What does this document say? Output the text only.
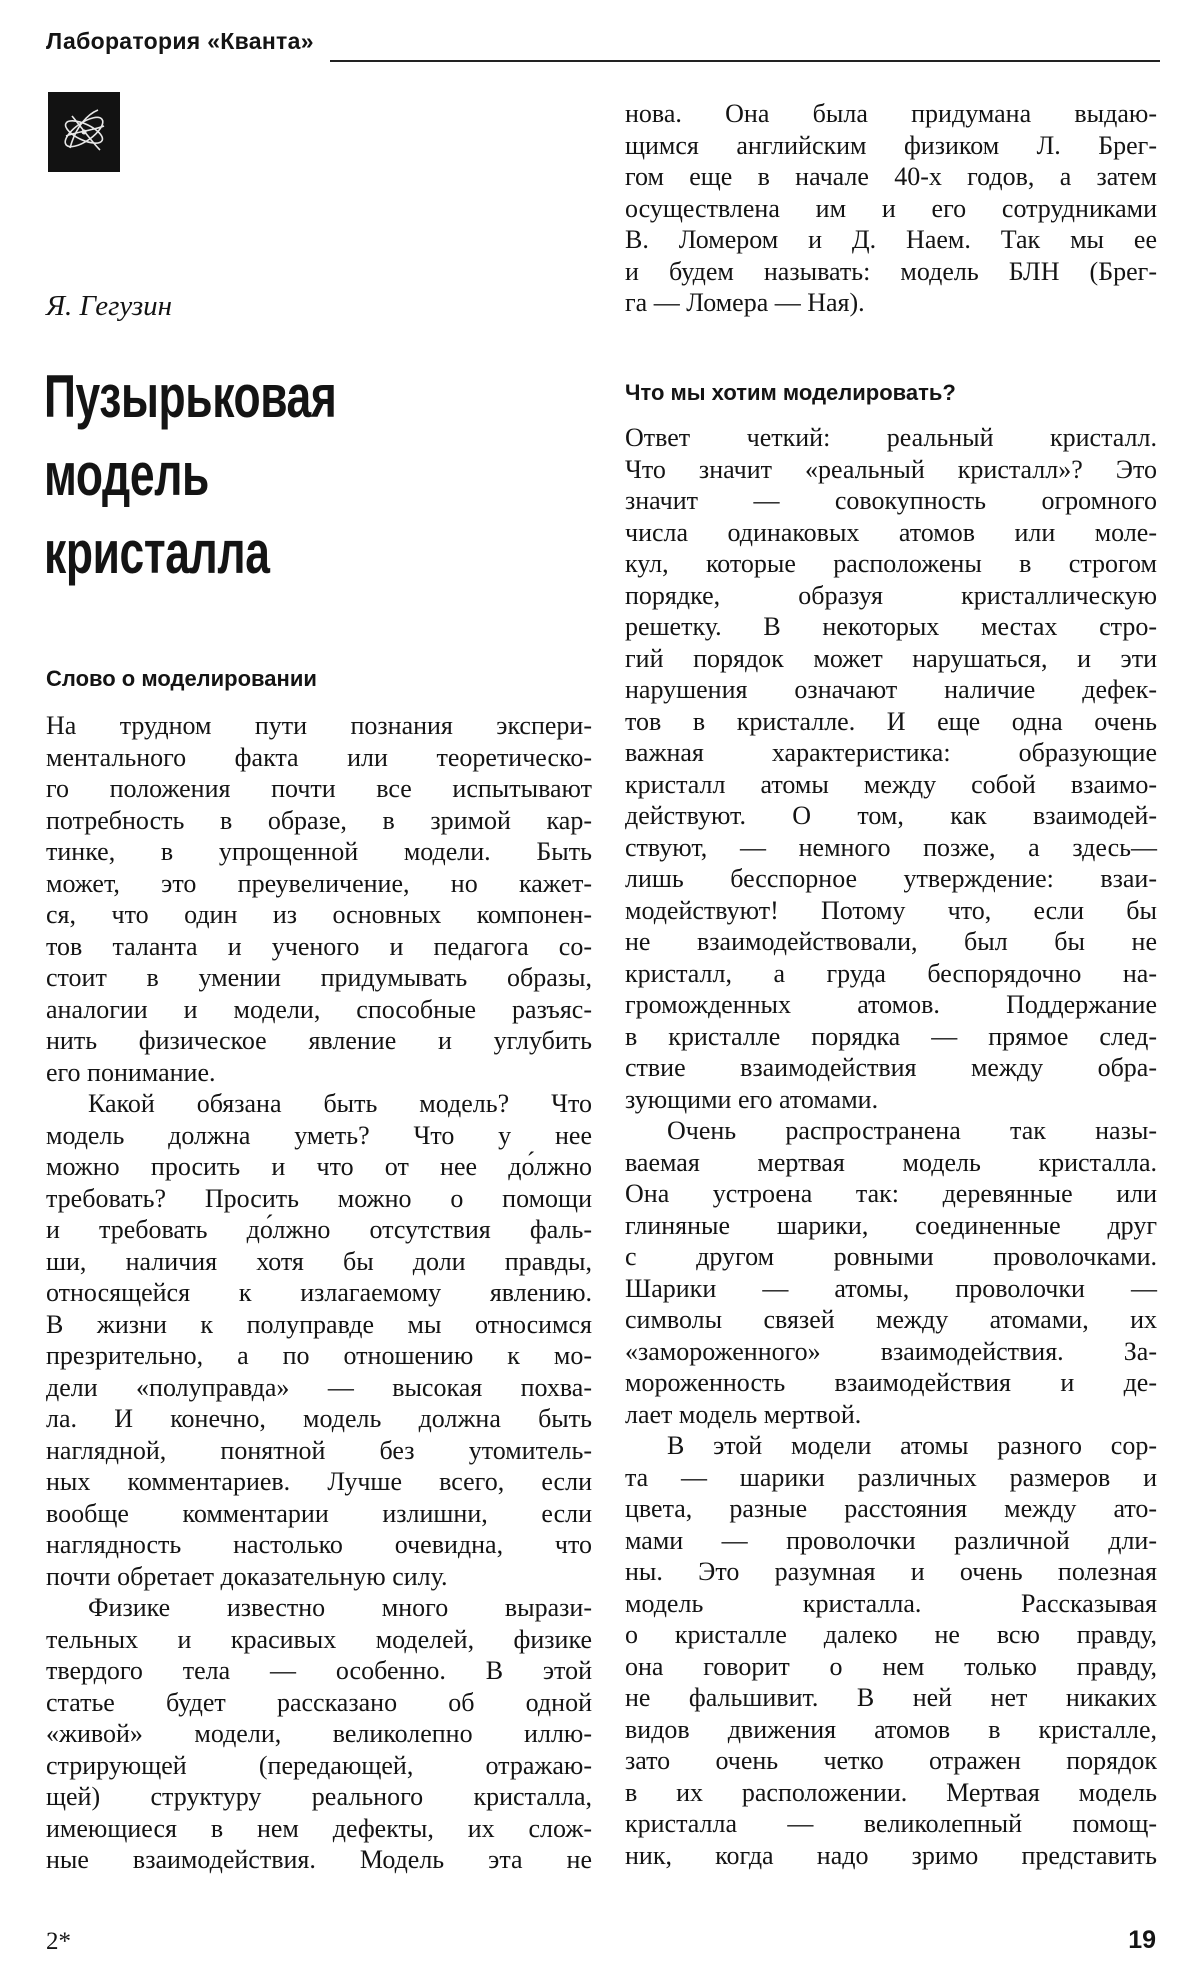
Лаборатория «Кванта»
Я. Гегузин
Пузырьковая
модель
кристалла
Слово о моделировании
На трудном пути познания экспери-
ментального факта или теоретическо-
го положения почти все испытывают
потребность в образе, в зримой кар-
тинке, в упрощенной модели. Быть
может, это преувеличение, но кажет-
ся, что один из основных компонен-
тов таланта и ученого и педагога со-
стоит в умении придумывать образы,
аналогии и модели, способные разъяс-
нить физическое явление и углубить
его понимание.
Какой обязана быть модель? Что
модель должна уметь? Что у нее
можно просить и что от нее до́лжно
требовать? Просить можно о помощи
и требовать до́лжно отсутствия фаль-
ши, наличия хотя бы доли правды,
относящейся к излагаемому явлению.
В жизни к полуправде мы относимся
презрительно, а по отношению к мо-
дели «полуправда» — высокая похва-
ла. И конечно, модель должна быть
наглядной, понятной без утомитель-
ных комментариев. Лучше всего, если
вообще комментарии излишни, если
наглядность настолько очевидна, что
почти обретает доказательную силу.
Физике известно много вырази-
тельных и красивых моделей, физике
твердого тела — особенно. В этой
статье будет рассказано об одной
«живой» модели, великолепно иллю-
стрирующей (передающей, отражаю-
щей) структуру реального кристалла,
имеющиеся в нем дефекты, их слож-
ные взаимодействия. Модель эта не
нова. Она была придумана выдаю-
щимся английским физиком Л. Брег-
гом еще в начале 40-х годов, а затем
осуществлена им и его сотрудниками
В. Ломером и Д. Наем. Так мы ее
и будем называть: модель БЛН (Брег-
га — Ломера — Ная).
Что мы хотим моделировать?
Ответ четкий: реальный кристалл.
Что значит «реальный кристалл»? Это
значит — совокупность огромного
числа одинаковых атомов или моле-
кул, которые расположены в строгом
порядке, образуя кристаллическую
решетку. В некоторых местах стро-
гий порядок может нарушаться, и эти
нарушения означают наличие дефек-
тов в кристалле. И еще одна очень
важная характеристика: образующие
кристалл атомы между собой взаимо-
действуют. О том, как взаимодей-
ствуют, — немного позже, а здесь—
лишь бесспорное утверждение: взаи-
модействуют! Потому что, если бы
не взаимодействовали, был бы не
кристалл, а груда беспорядочно на-
громожденных атомов. Поддержание
в кристалле порядка — прямое след-
ствие взаимодействия между обра-
зующими его атомами.
Очень распространена так назы-
ваемая мертвая модель кристалла.
Она устроена так: деревянные или
глиняные шарики, соединенные друг
с другом ровными проволочками.
Шарики — атомы, проволочки —
символы связей между атомами, их
«замороженного» взаимодействия. За-
мороженность взаимодействия и де-
лает модель мертвой.
В этой модели атомы разного сор-
та — шарики различных размеров и
цвета, разные расстояния между ато-
мами — проволочки различной дли-
ны. Это разумная и очень полезная
модель кристалла. Рассказывая
о кристалле далеко не всю правду,
она говорит о нем только правду,
не фальшивит. В ней нет никаких
видов движения атомов в кристалле,
зато очень четко отражен порядок
в их расположении. Мертвая модель
кристалла — великолепный помощ-
ник, когда надо зримо представить
2*	19
